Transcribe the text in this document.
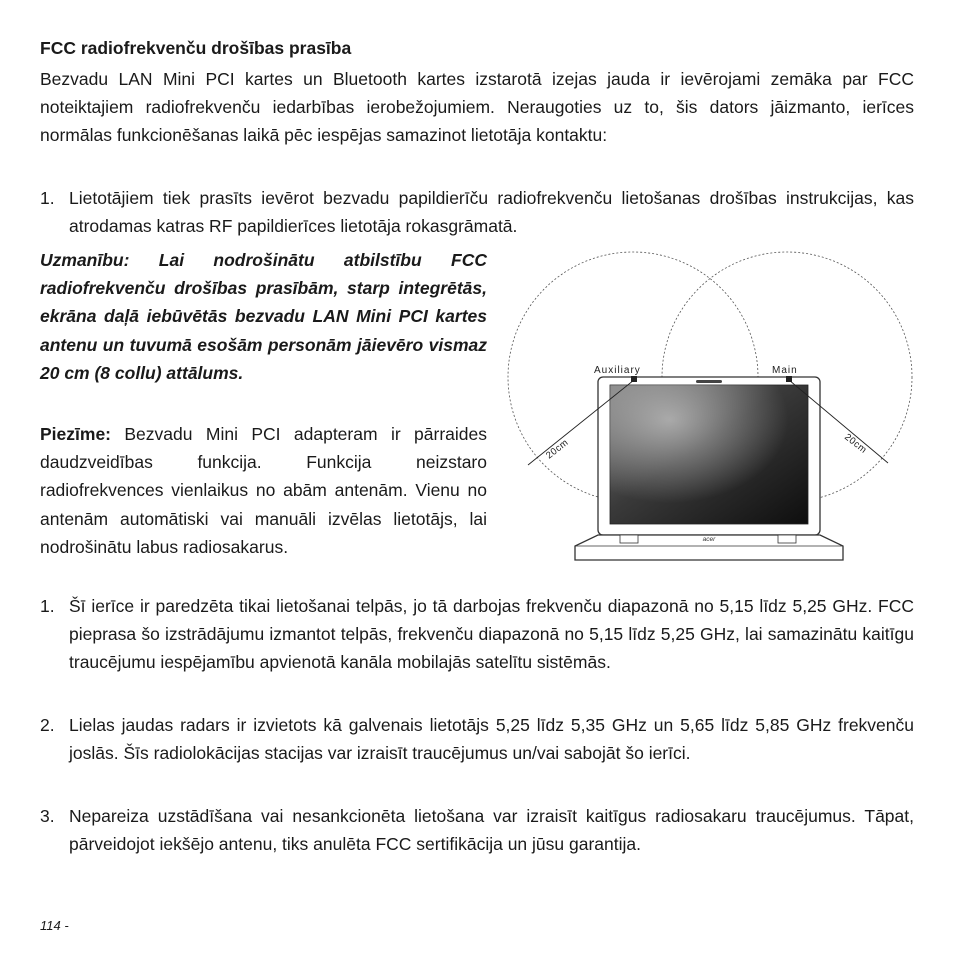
FCC radiofrekvenču drošības prasība
Bezvadu LAN Mini PCI kartes un Bluetooth kartes izstarotā izejas jauda ir ievērojami zemāka par FCC noteiktajiem radiofrekvenču iedarbības ierobežojumiem. Neraugoties uz to, šis dators jāizmanto, ierīces normālas funkcionēšanas laikā pēc iespējas samazinot lietotāja kontaktu:
1. Lietotājiem tiek prasīts ievērot bezvadu papildierīču radiofrekvenču lietošanas drošības instrukcijas, kas atrodamas katras RF papildierīces lietotāja rokasgrāmatā.
Uzmanību: Lai nodrošinātu atbilstību FCC radiofrekvenču drošības prasībām, starp integrētās, ekrāna daļā iebūvētās bezvadu LAN Mini PCI kartes antenu un tuvumā esošām personām jāievēro vismaz 20 cm (8 collu) attālums.
Piezīme: Bezvadu Mini PCI adapteram ir pārraides daudzveidības funkcija. Funkcija neizstaro radiofrekvences vienlaikus no abām antenām. Vienu no antenām automātiski vai manuāli izvēlas lietotājs, lai nodrošinātu labus radiosakarus.
Auxiliary	Main
20cm	20cm
acer
1. Šī ierīce ir paredzēta tikai lietošanai telpās, jo tā darbojas frekvenču diapazonā no 5,15 līdz 5,25 GHz. FCC pieprasa šo izstrādājumu izmantot telpās, frekvenču diapazonā no 5,15 līdz 5,25 GHz, lai samazinātu kaitīgu traucējumu iespējamību apvienotā kanāla mobilajās satelītu sistēmās.
2. Lielas jaudas radars ir izvietots kā galvenais lietotājs 5,25 līdz 5,35 GHz un 5,65 līdz 5,85 GHz frekvenču joslās. Šīs radiolokācijas stacijas var izraisīt traucējumus un/vai sabojāt šo ierīci.
3. Nepareiza uzstādīšana vai nesankcionēta lietošana var izraisīt kaitīgus radiosakaru traucējumus. Tāpat, pārveidojot iekšējo antenu, tiks anulēta FCC sertifikācija un jūsu garantija.
114 -
